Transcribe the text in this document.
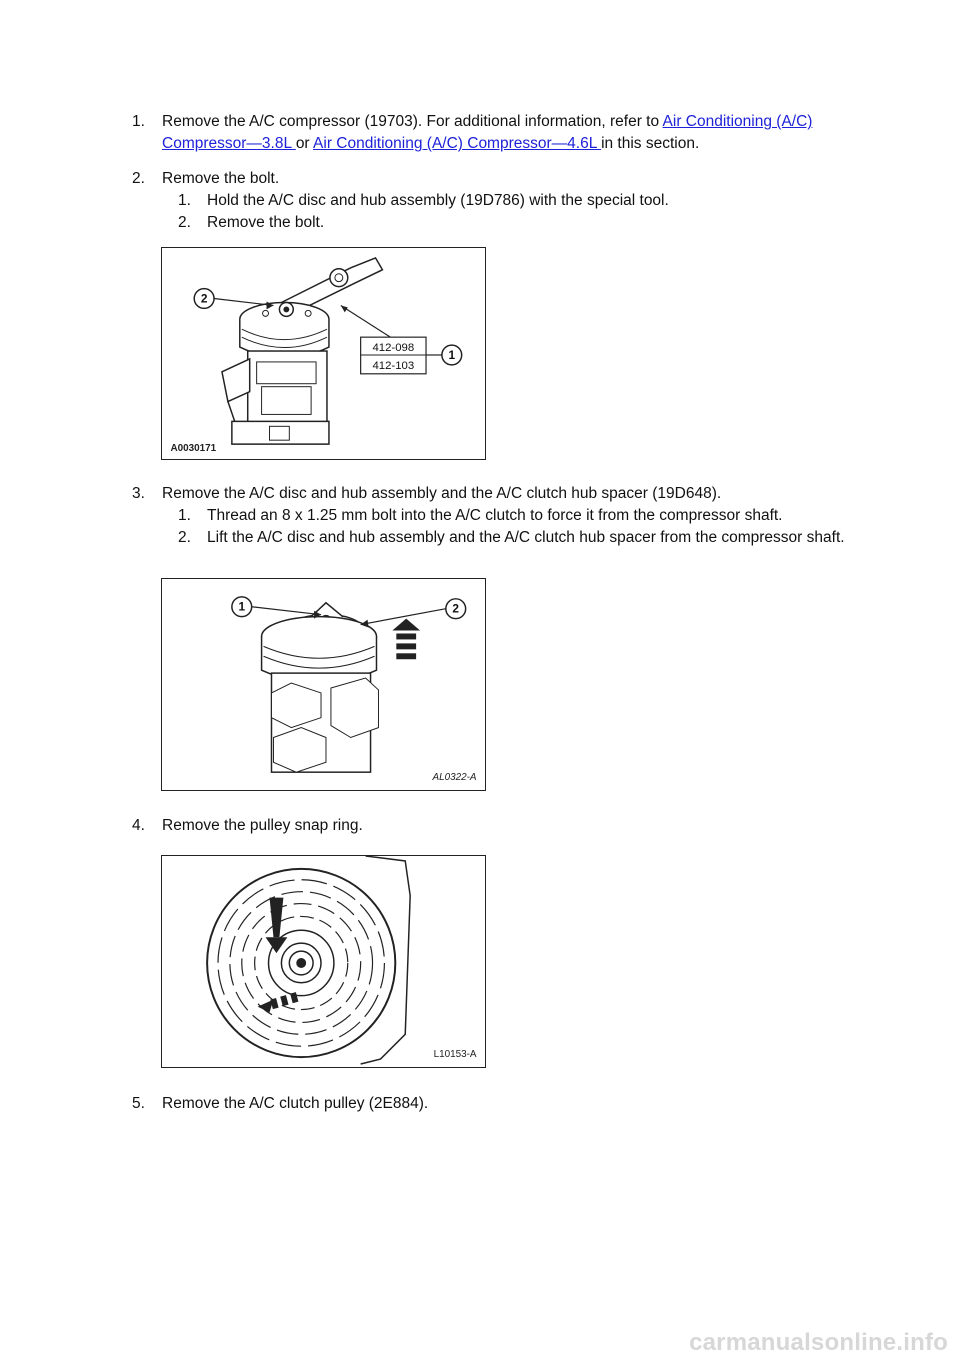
1. Remove the A/C compressor (19703). For additional information, refer to Air Conditioning (A/C) Compressor—3.8L or Air Conditioning (A/C) Compressor—4.6L in this section.
2. Remove the bolt.
1. Hold the A/C disc and hub assembly (19D786) with the special tool.
2. Remove the bolt.
2
412-098
412-103
1
A0030171
3. Remove the A/C disc and hub assembly and the A/C clutch hub spacer (19D648).
1. Thread an 8 x 1.25 mm bolt into the A/C clutch to force it from the compressor shaft.
2. Lift the A/C disc and hub assembly and the A/C clutch hub spacer from the compressor shaft.
1	2
AL0322-A
4. Remove the pulley snap ring.
L10153-A
5. Remove the A/C clutch pulley (2E884).
carmanualsonline.info
